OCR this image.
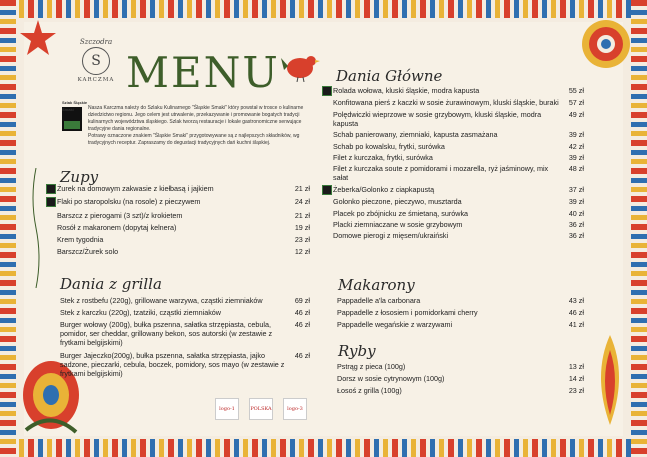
Szczodra
S
KARCZMA MENU
Szlak Śląskie Smaki	Nasza Karczma należy do Szlaku Kulinarnego "Śląskie Smaki" który powstał w trosce o kulinarne dziedzictwo regionu. Jego celem jest utrwalenie, przekazywanie i promowanie bogatych tradycji kulinarnych województwa śląskiego. Szlak tworzą restauracje i lokale gastronomiczne serwujące tradycyjne dania regionalne.
Potrawy oznaczone znakiem "Śląskie Smaki" przygotowywane są z najlepszych składników, wg tradycyjnych receptur. Zapraszamy do degustacji tradycyjnych dań kuchni śląskiej.
Zupy
Żurek na domowym zakwasie z kiełbasą i jajkiem	21 zł
Flaki po staropolsku (na rosole) z pieczywem	24 zł
Barszcz z pierogami (3 szt)/z krokietem	21 zł
Rosół z makaronem (dopytaj kelnera)	19 zł
Krem tygodnia	23 zł
Barszcz/Żurek solo	12 zł
Dania z grilla
Stek z rostbefu (220g), grillowane warzywa, cząstki ziemniaków	69 zł
Stek z karczku (220g), tzatziki, cząstki ziemniaków	46 zł
Burger wołowy (200g), bułka pszenna, sałatka strzępiasta, cebula, pomidor, ser cheddar, grillowany bekon, sos autorski (w zestawie z frytkami belgijskimi)
46 zł
Burger Jajeczko(200g), bułka pszenna, sałatka strzępiasta, jajko sadzone, pieczarki, cebula, boczek, pomidory, sos mayo (w zestawie z frytkami belgijskimi)
46 zł
Dania Główne
Rolada wołowa, kluski śląskie, modra kapusta	55 zł
Konfitowana pierś z kaczki w sosie żurawinowym, kluski śląskie, buraki	57 zł
Polędwiczki wieprzowe w sosie grzybowym, kluski śląskie, modra kapusta
49 zł
Schab panierowany, ziemniaki, kapusta zasmażana	39 zł
Schab po kowalsku, frytki, surówka	42 zł
Filet z kurczaka, frytki, surówka	39 zł
Filet z kurczaka soute z pomidorami i mozarella, ryż jaśminowy, mix sałat
48 zł
Żeberka/Golonko z ciapkapustą	37 zł
Golonko pieczone, pieczywo, musztarda	39 zł
Placek po zbójnicku ze śmietaną, surówka	40 zł
Placki ziemniaczane w sosie grzybowym	36 zł
Domowe pierogi z mięsem/ukraiński	36 zł
Makarony
Pappadelle a'la carbonara	43 zł
Pappadelle z łososiem i pomidorkami cherry	46 zł
Pappadelle wegańskie z warzywami	41 zł
Ryby
Pstrąg z pieca (100g)	13 zł
Dorsz w sosie cytrynowym (100g)	14 zł
Łosoś z grilla (100g)	23 zł
logo-1	POLSKA	logo-3
